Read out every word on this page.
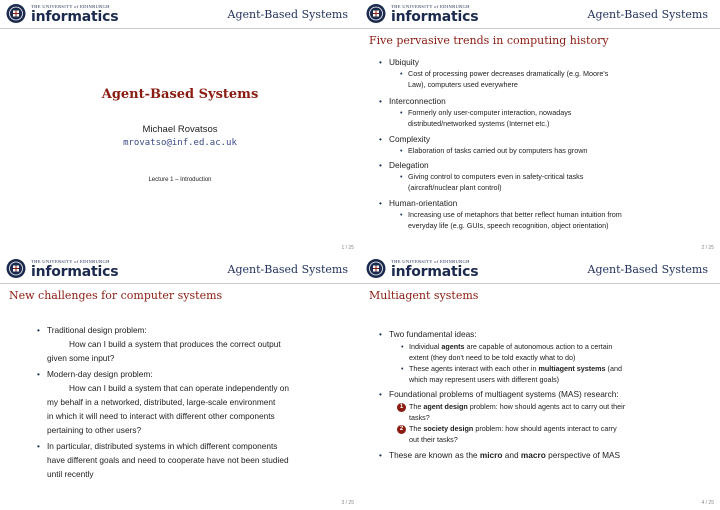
THE UNIVERSITY of EDINBURGH
informatics	Agent-Based Systems
Agent-Based Systems
Michael Rovatsos
mrovatso@inf.ed.ac.uk
Lecture 1 – Introduction
1 / 25
THE UNIVERSITY of EDINBURGH
informatics	Agent-Based Systems
Five pervasive trends in computing history
• Ubiquity
• Cost of processing power decreases dramatically (e.g. Moore's
Law), computers used everywhere
• Interconnection
• Formerly only user-computer interaction, nowadays
distributed/networked systems (Internet etc.)
• Complexity
• Elaboration of tasks carried out by computers has grown
• Delegation
• Giving control to computers even in safety-critical tasks
(aircraft/nuclear plant control)
• Human-orientation
• Increasing use of metaphors that better reflect human intuition from
everyday life (e.g. GUIs, speech recognition, object orientation)
2 / 25
THE UNIVERSITY of EDINBURGH
informatics	Agent-Based Systems
New challenges for computer systems
• Traditional design problem:
How can I build a system that produces the correct output
given some input?
• Modern-day design problem:
How can I build a system that can operate independently on
my behalf in a networked, distributed, large-scale environment
in which it will need to interact with different other components
pertaining to other users?
• In particular, distributed systems in which different components
have different goals and need to cooperate have not been studied
until recently
3 / 25
THE UNIVERSITY of EDINBURGH
informatics	Agent-Based Systems
Multiagent systems
• Two fundamental ideas:
• Individual agents are capable of autonomous action to a certain
extent (they don't need to be told exactly what to do)
• These agents interact with each other in multiagent systems (and
which may represent users with different goals)
• Foundational problems of multiagent systems (MAS) research:
1 The agent design problem: how should agents act to carry out their
tasks?
2 The society design problem: how should agents interact to carry
out their tasks?
• These are known as the micro and macro perspective of MAS
4 / 25
